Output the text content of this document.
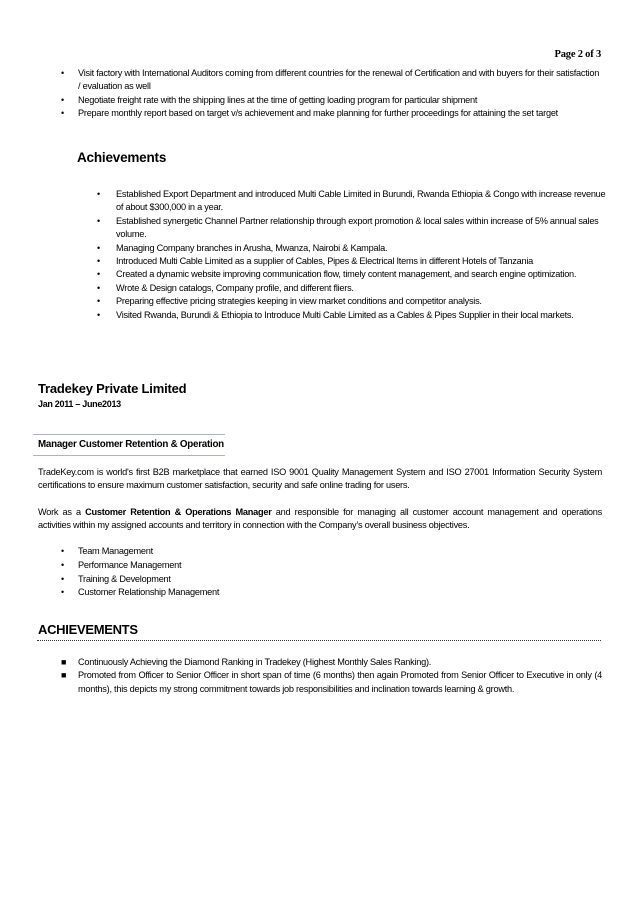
Page 2 of 3
• Visit factory with International Auditors coming from different countries for the renewal of Certification and with buyers for their satisfaction / evaluation as well
• Negotiate freight rate with the shipping lines at the time of getting loading program for particular shipment
• Prepare monthly report based on target v/s achievement and make planning for further proceedings for attaining the set target
Achievements
• Established Export Department and introduced Multi Cable Limited in Burundi, Rwanda Ethiopia & Congo with increase revenue of about $300,000 in a year.
• Established synergetic Channel Partner relationship through export promotion & local sales within increase of 5% annual sales volume.
• Managing Company branches in Arusha, Mwanza, Nairobi & Kampala.
• Introduced Multi Cable Limited as a supplier of Cables, Pipes & Electrical Items in different Hotels of Tanzania
• Created a dynamic website improving communication flow, timely content management, and search engine optimization.
• Wrote & Design catalogs, Company profile, and different fliers.
• Preparing effective pricing strategies keeping in view market conditions and competitor analysis.
• Visited Rwanda, Burundi & Ethiopia to Introduce Multi Cable Limited as a Cables & Pipes Supplier in their local markets.
Tradekey Private Limited
Jan 2011 – June2013
Manager Customer Retention & Operation
TradeKey.com is world's first B2B marketplace that earned ISO 9001 Quality Management System and ISO 27001 Information Security System certifications to ensure maximum customer satisfaction, security and safe online trading for users.
Work as a Customer Retention & Operations Manager and responsible for managing all customer account management and operations activities within my assigned accounts and territory in connection with the Company’s overall business objectives.
• Team Management
• Performance Management
• Training & Development
• Customer Relationship Management
ACHIEVEMENTS
■ Continuously Achieving the Diamond Ranking in Tradekey (Highest Monthly Sales Ranking).
■ Promoted from Officer to Senior Officer in short span of time (6 months) then again Promoted from Senior Officer to Executive in only (4 months), this depicts my strong commitment towards job responsibilities and inclination towards learning & growth.
